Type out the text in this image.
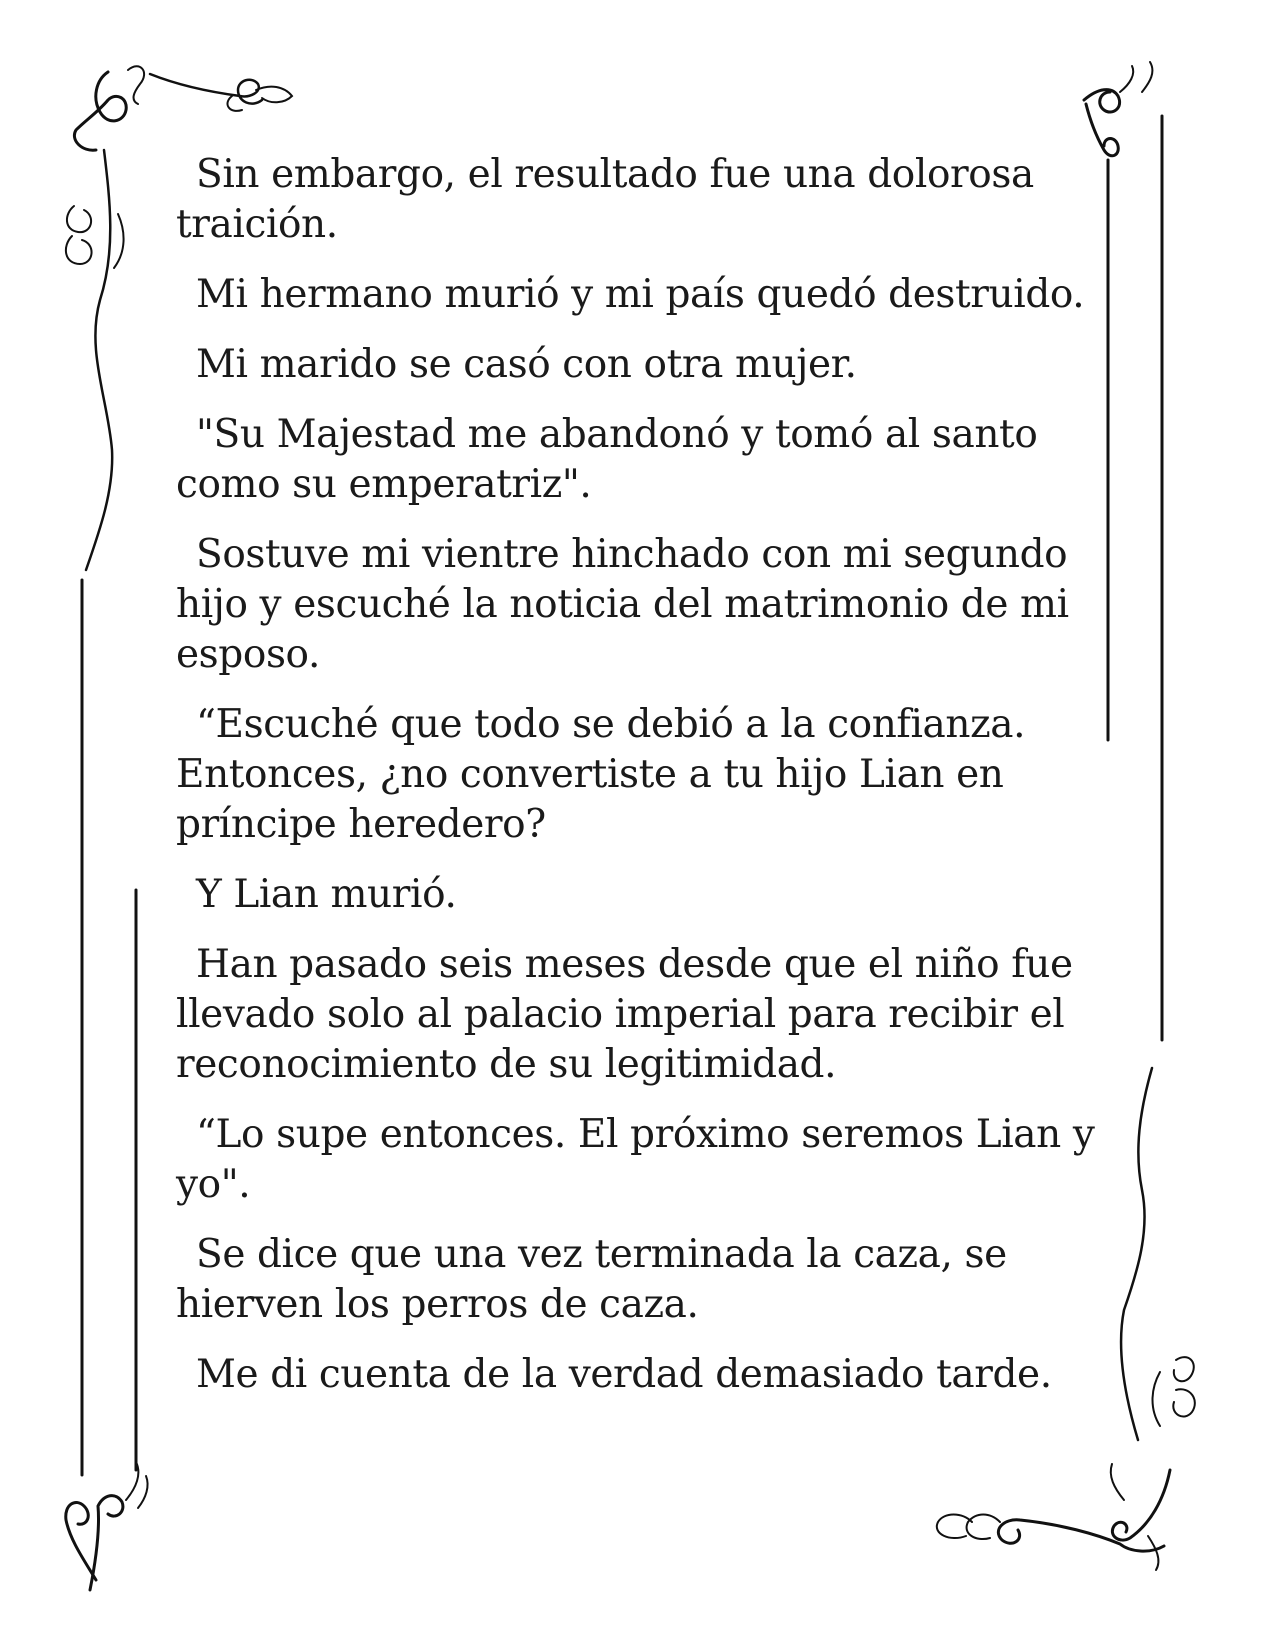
Sin embargo, el resultado fue una dolorosa traición.

Mi hermano murió y mi país quedó destruido.

Mi marido se casó con otra mujer.

"Su Majestad me abandonó y tomó al santo como su emperatriz".

Sostuve mi vientre hinchado con mi segundo hijo y escuché la noticia del matrimonio de mi esposo.

“Escuché que todo se debió a la confianza. Entonces, ¿no convertiste a tu hijo Lian en príncipe heredero?

Y Lian murió.

Han pasado seis meses desde que el niño fue llevado solo al palacio imperial para recibir el reconocimiento de su legitimidad.

“Lo supe entonces. El próximo seremos Lian y yo".

Se dice que una vez terminada la caza, se hierven los perros de caza.

Me di cuenta de la verdad demasiado tarde.
